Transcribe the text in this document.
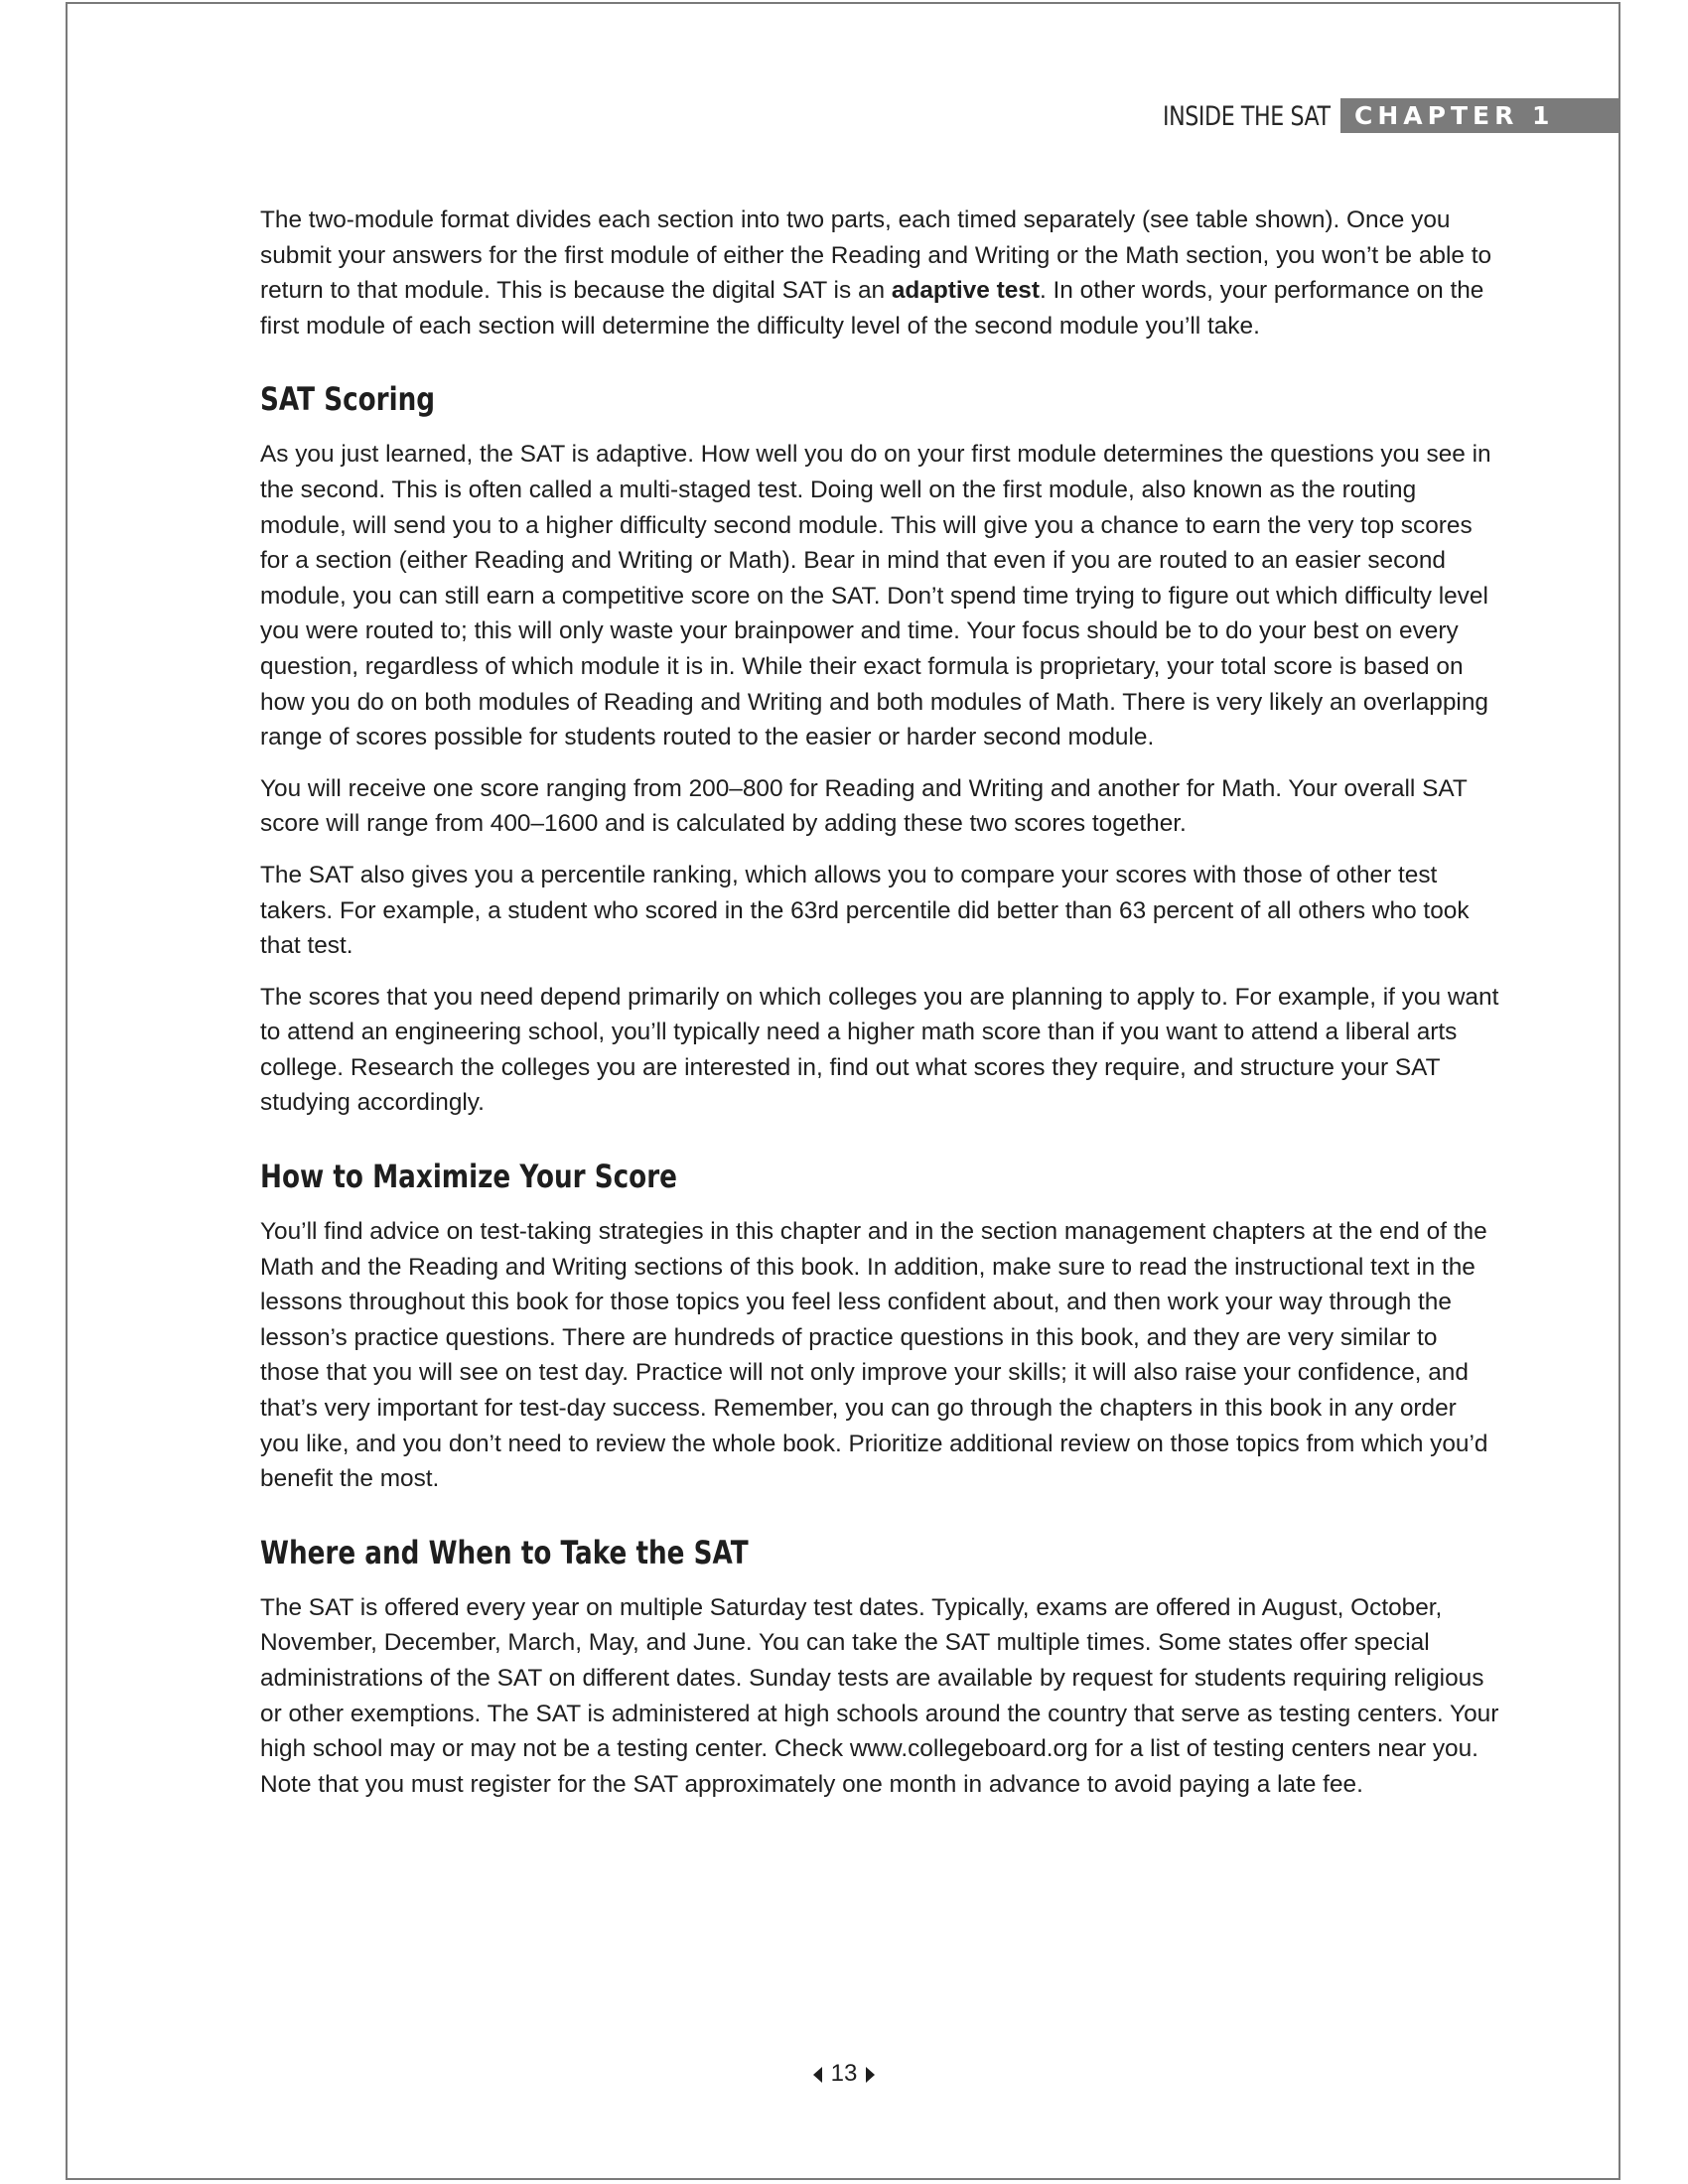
INSIDE THE SAT CHAPTER 1

The two-module format divides each section into two parts, each timed separately (see table shown). Once you submit your answers for the first module of either the Reading and Writing or the Math section, you won’t be able to return to that module. This is because the digital SAT is an adaptive test. In other words, your performance on the first module of each section will determine the difficulty level of the second module you’ll take.

SAT Scoring

As you just learned, the SAT is adaptive. How well you do on your first module determines the questions you see in the second. This is often called a multi-staged test. Doing well on the first module, also known as the routing module, will send you to a higher difficulty second module. This will give you a chance to earn the very top scores for a section (either Reading and Writing or Math). Bear in mind that even if you are routed to an easier second module, you can still earn a competitive score on the SAT. Don’t spend time trying to figure out which difficulty level you were routed to; this will only waste your brainpower and time. Your focus should be to do your best on every question, regardless of which module it is in. While their exact formula is proprietary, your total score is based on how you do on both modules of Reading and Writing and both modules of Math. There is very likely an overlapping range of scores possible for students routed to the easier or harder second module.

You will receive one score ranging from 200–800 for Reading and Writing and another for Math. Your overall SAT score will range from 400–1600 and is calculated by adding these two scores together.

The SAT also gives you a percentile ranking, which allows you to compare your scores with those of other test takers. For example, a student who scored in the 63rd percentile did better than 63 percent of all others who took that test.

The scores that you need depend primarily on which colleges you are planning to apply to. For example, if you want to attend an engineering school, you’ll typically need a higher math score than if you want to attend a liberal arts college. Research the colleges you are interested in, find out what scores they require, and structure your SAT studying accordingly.

How to Maximize Your Score

You’ll find advice on test-taking strategies in this chapter and in the section management chapters at the end of the Math and the Reading and Writing sections of this book. In addition, make sure to read the instructional text in the lessons throughout this book for those topics you feel less confident about, and then work your way through the lesson’s practice questions. There are hundreds of practice questions in this book, and they are very similar to those that you will see on test day. Practice will not only improve your skills; it will also raise your confidence, and that’s very important for test-day success. Remember, you can go through the chapters in this book in any order you like, and you don’t need to review the whole book. Prioritize additional review on those topics from which you’d benefit the most.

Where and When to Take the SAT

The SAT is offered every year on multiple Saturday test dates. Typically, exams are offered in August, October, November, December, March, May, and June. You can take the SAT multiple times. Some states offer special administrations of the SAT on different dates. Sunday tests are available by request for students requiring religious or other exemptions. The SAT is administered at high schools around the country that serve as testing centers. Your high school may or may not be a testing center. Check www.collegeboard.org for a list of testing centers near you. Note that you must register for the SAT approximately one month in advance to avoid paying a late fee.

13
